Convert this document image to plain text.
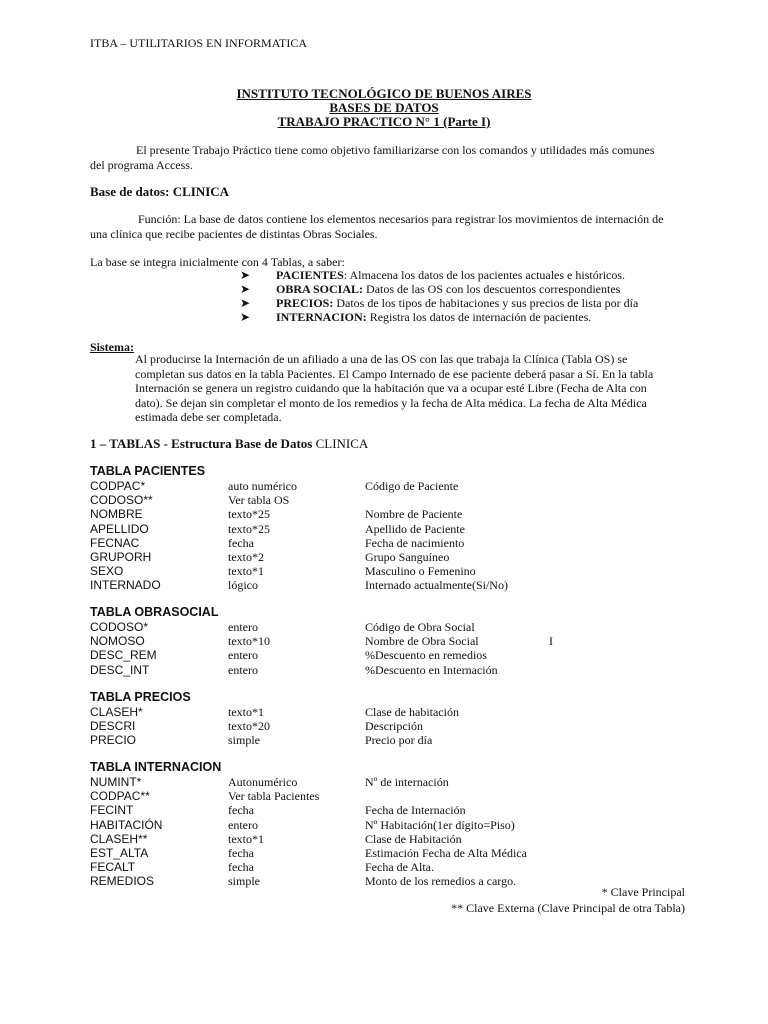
ITBA – UTILITARIOS EN INFORMATICA
INSTITUTO TECNOLÓGICO DE BUENOS AIRES
BASES DE DATOS
TRABAJO PRACTICO N° 1 (Parte I)
El presente Trabajo Práctico tiene como objetivo familiarizarse con los comandos y utilidades más comunes del programa Access.
Base de datos: CLINICA
Función: La base de datos contiene los elementos necesarios para registrar los movimientos de internación de una clínica que recibe pacientes de distintas Obras Sociales.
La base se integra inicialmente con 4 Tablas, a saber:
➤ PACIENTES: Almacena los datos de los pacientes actuales e históricos.
➤ OBRA SOCIAL: Datos de las OS con los descuentos correspondientes
➤ PRECIOS: Datos de los tipos de habitaciones y sus precios de lista por día
➤ INTERNACION: Registra los datos de internación de pacientes.
Sistema:
Al producirse la Internación de un afiliado a una de las OS con las que trabaja la Clínica (Tabla OS) se completan sus datos en la tabla Pacientes. El Campo Internado de ese paciente deberá pasar a Sí. En la tabla Internación se genera un registro cuidando que la habitación que va a ocupar esté Libre (Fecha de Alta con dato). Se dejan sin completar el monto de los remedios y la fecha de Alta médica. La fecha de Alta Médica estimada debe ser completada.
1 – TABLAS - Estructura Base de Datos CLINICA
TABLA PACIENTES
CODPAC*	auto numérico	Código de Paciente
CODOSO**	Ver tabla OS
NOMBRE	texto*25	Nombre de Paciente
APELLIDO	texto*25	Apellido de Paciente
FECNAC	fecha	Fecha de nacimiento
GRUPORH	texto*2	Grupo Sanguíneo
SEXO	texto*1	Masculino o Femenino
INTERNADO	lógico	Internado actualmente(Si/No)
TABLA OBRASOCIAL
CODOSO*	entero	Código de Obra Social
NOMOSO	texto*10	Nombre de Obra Social	I
DESC_REM	entero	%Descuento en remedios
DESC_INT	entero	%Descuento en Internación
TABLA PRECIOS
CLASEH*	texto*1	Clase de habitación
DESCRI	texto*20	Descripción
PRECIO	simple	Precio por día
TABLA INTERNACION
NUMINT*	Autonumérico	Nº de internación
CODPAC**	Ver tabla Pacientes
FECINT	fecha	Fecha de Internación
HABITACIÓN	entero	Nº Habitación(1er dígito=Piso)
CLASEH**	texto*1	Clase de Habitación
EST_ALTA	fecha	Estimación Fecha de Alta Médica
FECALT	fecha	Fecha de Alta.
REMEDIOS	simple	Monto de los remedios a cargo.
* Clave Principal
** Clave Externa (Clave Principal de otra Tabla)
